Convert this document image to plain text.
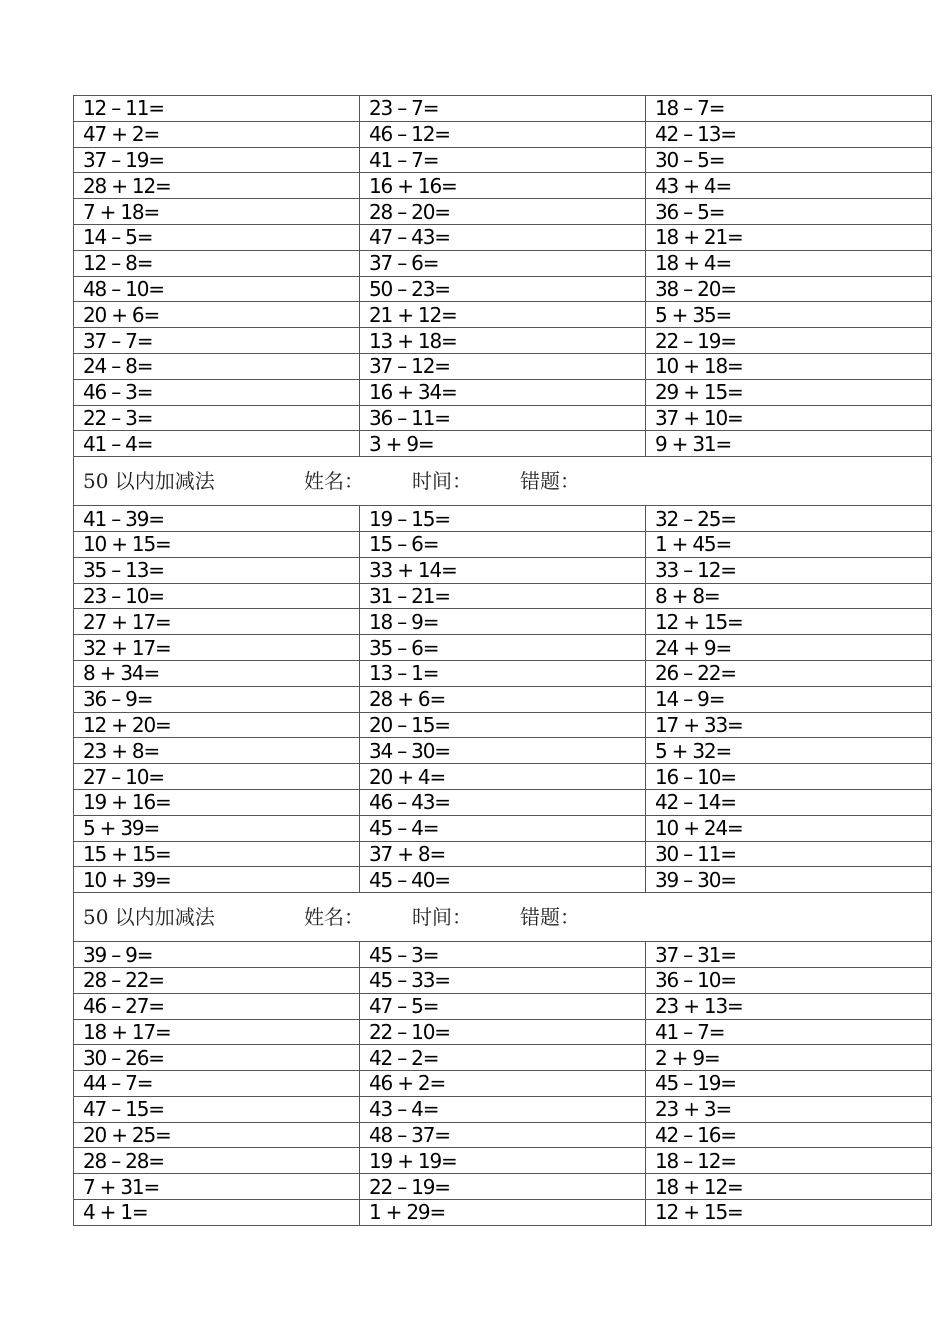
12 – 11=	23 – 7=	18 – 7=
47 + 2=	46 – 12=	42 – 13=
37 – 19=	41 – 7=	30 – 5=
28 + 12=	16 + 16=	43 + 4=
7 + 18=	28 – 20=	36 – 5=
14 – 5=	47 – 43=	18 + 21=
12 – 8=	37 – 6=	18 + 4=
48 – 10=	50 – 23=	38 – 20=
20 + 6=	21 + 12=	5 + 35=
37 – 7=	13 + 18=	22 – 19=
24 – 8=	37 – 12=	10 + 18=
46 – 3=	16 + 34=	29 + 15=
22 – 3=	36 – 11=	37 + 10=
41 – 4=	3 + 9=	9 + 31=
50 以内加减法 姓名： 时间： 错题：		
41 – 39=	19 – 15=	32 – 25=
10 + 15=	15 – 6=	1 + 45=
35 – 13=	33 + 14=	33 – 12=
23 – 10=	31 – 21=	8 + 8=
27 + 17=	18 – 9=	12 + 15=
32 + 17=	35 – 6=	24 + 9=
8 + 34=	13 – 1=	26 – 22=
36 – 9=	28 + 6=	14 – 9=
12 + 20=	20 – 15=	17 + 33=
23 + 8=	34 – 30=	5 + 32=
27 – 10=	20 + 4=	16 – 10=
19 + 16=	46 – 43=	42 – 14=
5 + 39=	45 – 4=	10 + 24=
15 + 15=	37 + 8=	30 – 11=
10 + 39=	45 – 40=	39 – 30=
50 以内加减法 姓名： 时间： 错题：		
39 – 9=	45 – 3=	37 – 31=
28 – 22=	45 – 33=	36 – 10=
46 – 27=	47 – 5=	23 + 13=
18 + 17=	22 – 10=	41 – 7=
30 – 26=	42 – 2=	2 + 9=
44 – 7=	46 + 2=	45 – 19=
47 – 15=	43 – 4=	23 + 3=
20 + 25=	48 – 37=	42 – 16=
28 – 28=	19 + 19=	18 – 12=
7 + 31=	22 – 19=	18 + 12=
4 + 1=	1 + 29=	12 + 15=
